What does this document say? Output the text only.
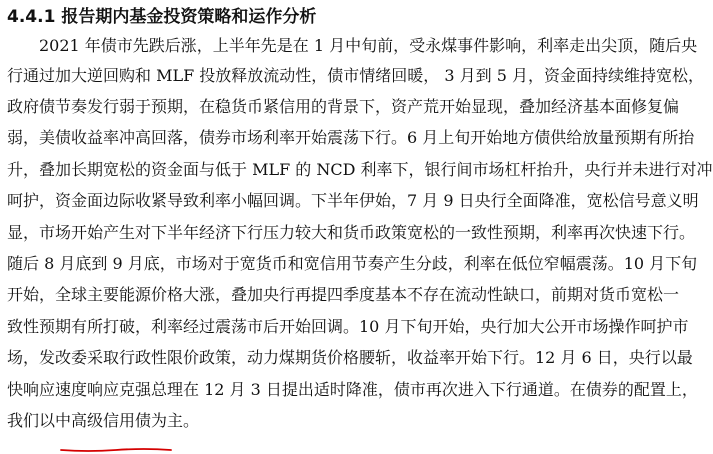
4.4.1 报告期内基金投资策略和运作分析
　　2021 年债市先跌后涨，上半年先是在 1 月中旬前，受永煤事件影响，利率走出尖顶，随后央
行通过加大逆回购和 MLF 投放释放流动性，债市情绪回暖， 3 月到 5 月，资金面持续维持宽松，
政府债节奏发行弱于预期，在稳货币紧信用的背景下，资产荒开始显现，叠加经济基本面修复偏
弱，美债收益率冲高回落，债券市场利率开始震荡下行。6 月上旬开始地方债供给放量预期有所抬
升，叠加长期宽松的资金面与低于 MLF 的 NCD 利率下，银行间市场杠杆抬升，央行并未进行对冲
呵护，资金面边际收紧导致利率小幅回调。下半年伊始，7 月 9 日央行全面降准，宽松信号意义明
显，市场开始产生对下半年经济下行压力较大和货币政策宽松的一致性预期，利率再次快速下行。
随后 8 月底到 9 月底，市场对于宽货币和宽信用节奏产生分歧，利率在低位窄幅震荡。10 月下旬
开始，全球主要能源价格大涨，叠加央行再提四季度基本不存在流动性缺口，前期对货币宽松一
致性预期有所打破，利率经过震荡市后开始回调。10 月下旬开始，央行加大公开市场操作呵护市
场，发改委采取行政性限价政策，动力煤期货价格腰斩，收益率开始下行。12 月 6 日，央行以最
快响应速度响应克强总理在 12 月 3 日提出适时降准，债市再次进入下行通道。在债券的配置上，
我们以中高级信用债为主。
